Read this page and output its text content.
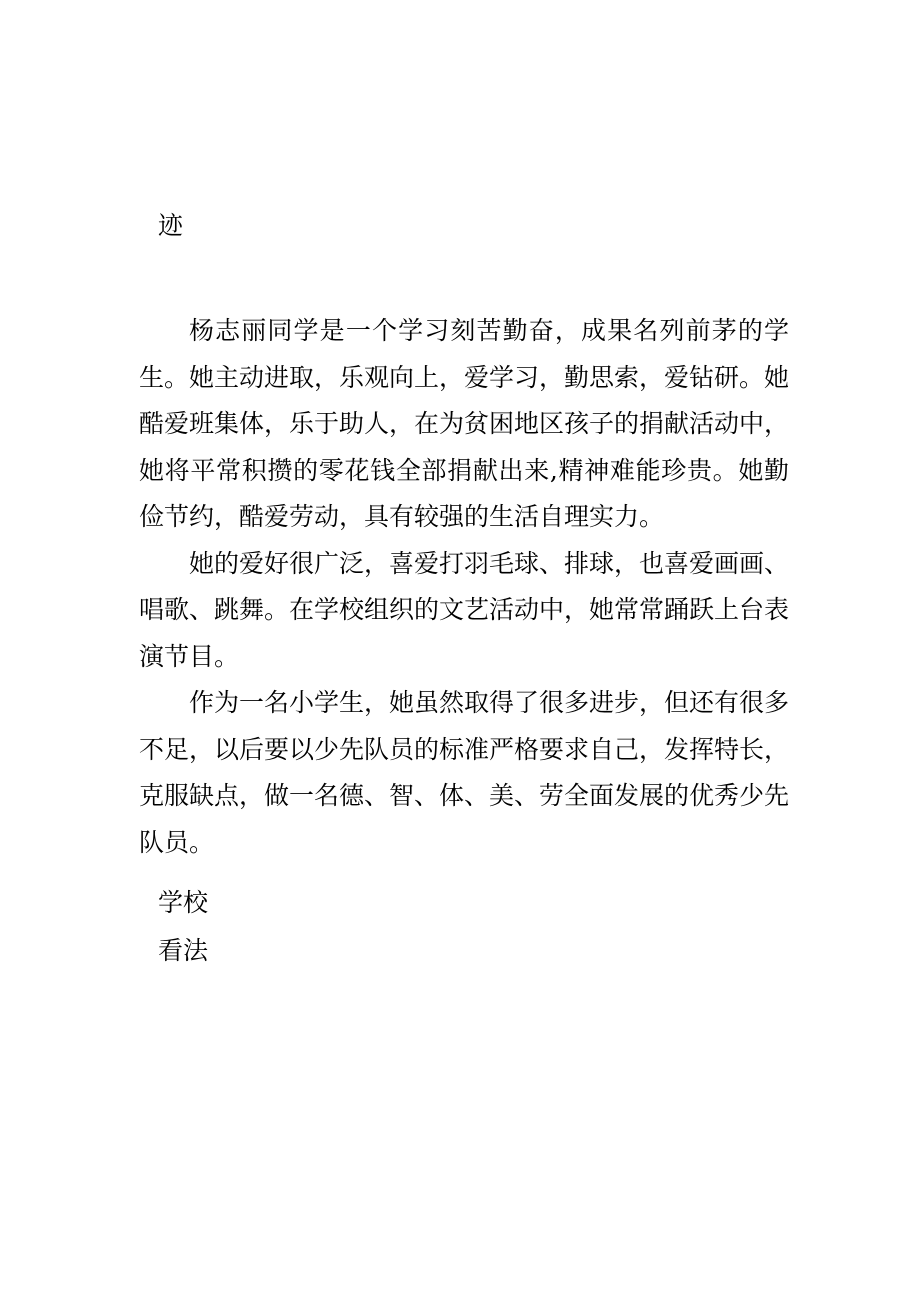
迹

杨志丽同学是一个学习刻苦勤奋，成果名列前茅的学生。她主动进取，乐观向上，爱学习，勤思索，爱钻研。她酷爱班集体，乐于助人，在为贫困地区孩子的捐献活动中，她将平常积攒的零花钱全部捐献出来,精神难能珍贵。她勤俭节约，酷爱劳动，具有较强的生活自理实力。

她的爱好很广泛，喜爱打羽毛球、排球，也喜爱画画、唱歌、跳舞。在学校组织的文艺活动中，她常常踊跃上台表演节目。

作为一名小学生，她虽然取得了很多进步，但还有很多不足，以后要以少先队员的标准严格要求自己，发挥特长，克服缺点，做一名德、智、体、美、劳全面发展的优秀少先队员。

学校
看法
